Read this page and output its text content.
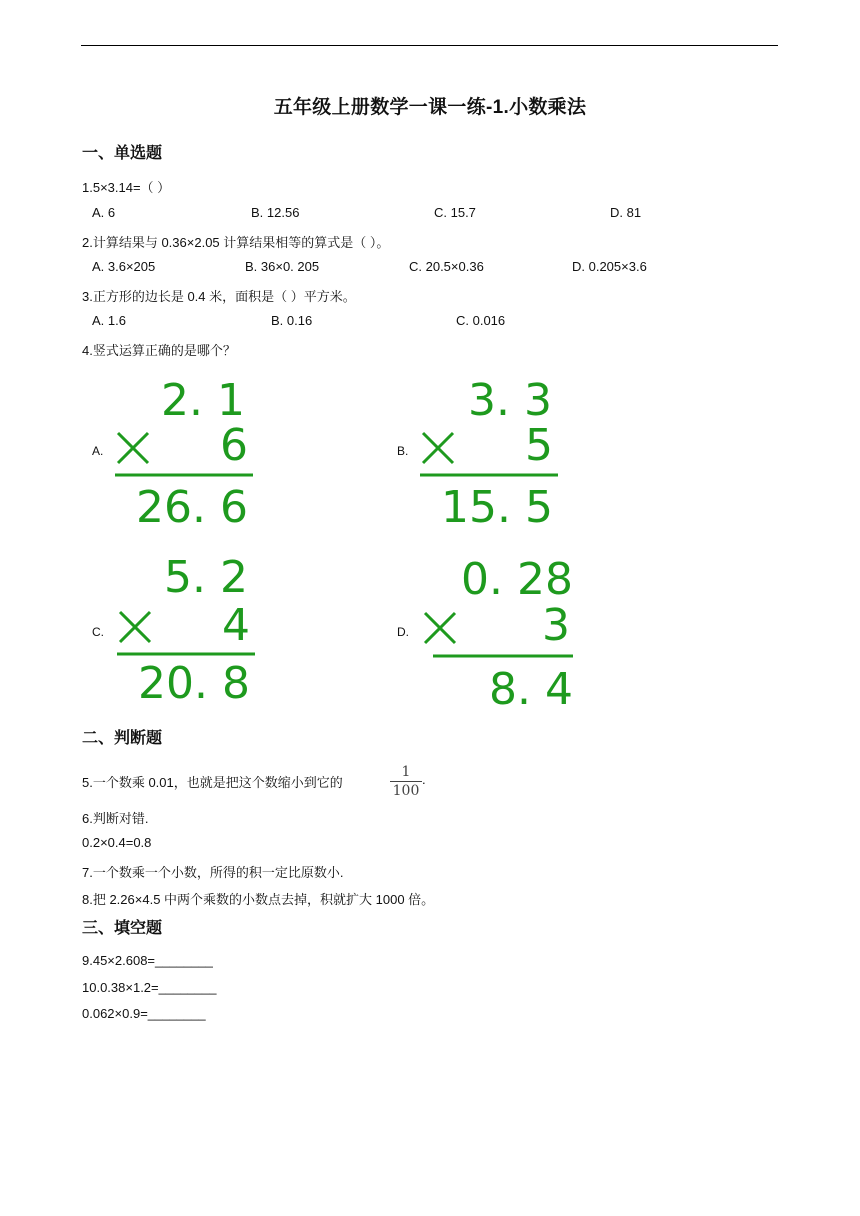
五年级上册数学一课一练-1.小数乘法
一、单选题
1.5×3.14=（ ）
A. 6	B. 12.56	C. 15.7	D. 81
2.计算结果与 0.36×2.05 计算结果相等的算式是（ ）。
A. 3.6×205	B. 36×0. 205	C. 20.5×0.36	D. 0.205×3.6
3.正方形的边长是 0.4 米，面积是（ ）平方米。
A. 1.6	B. 0.16	C. 0.016
4.竖式运算正确的是哪个？
A.
2. 1
6
26. 6
B.
3. 3
5
15. 5
C.
5. 2
4
20. 8
D.
0. 28
3
8. 4
二、判断题
5.一个数乘 0.01，也就是把这个数缩小到它的
1
100
.
6.判断对错.
0.2×0.4=0.8
7.一个数乘一个小数，所得的积一定比原数小.
8.把 2.26×4.5 中两个乘数的小数点去掉，积就扩大 1000 倍。
三、填空题
9.45×2.608=________
10.0.38×1.2=________
0.062×0.9=________
